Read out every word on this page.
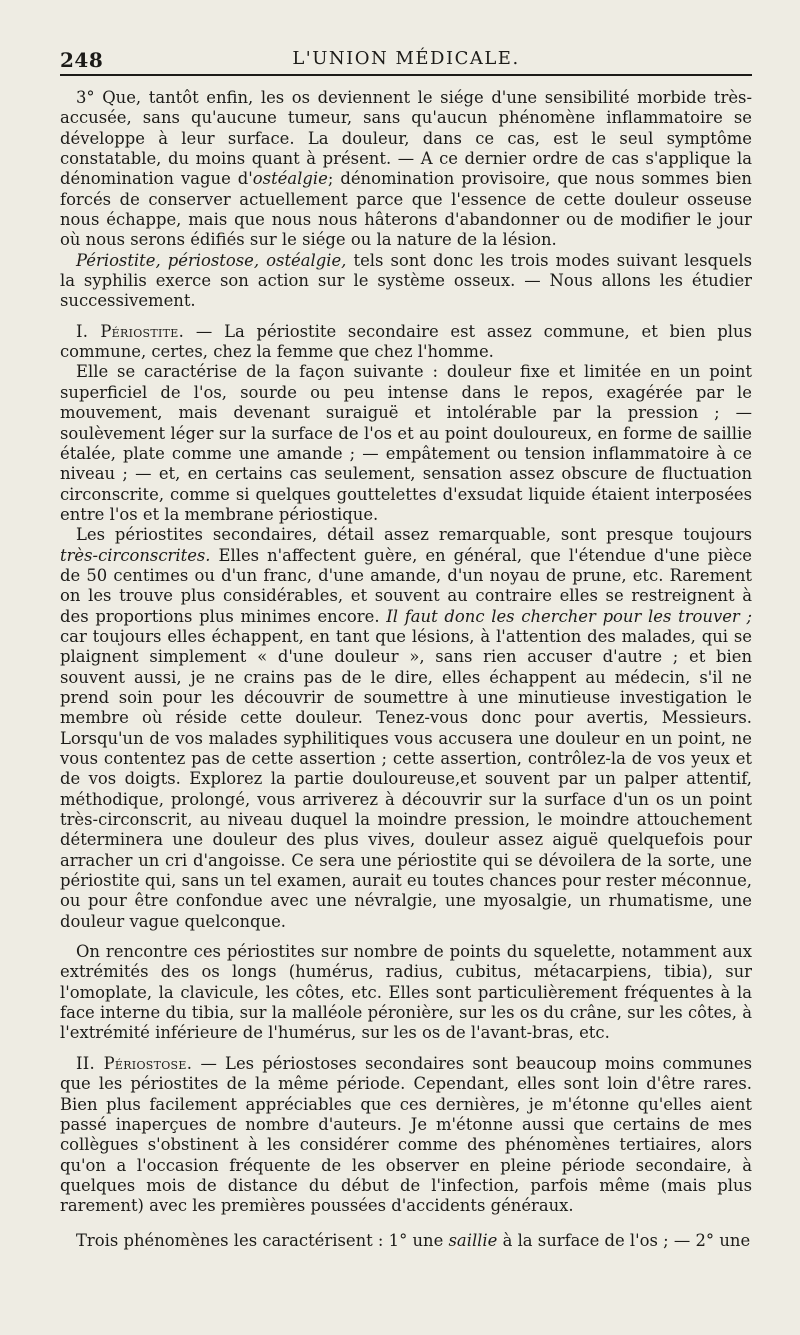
248	L'UNION MÉDICALE.

3° Que, tantôt enfin, les os deviennent le siége d'une sensibilité morbide très-accusée, sans qu'aucune tumeur, sans qu'aucun phénomène inflammatoire se développe à leur surface. La douleur, dans ce cas, est le seul symptôme constatable, du moins quant à présent. — A ce dernier ordre de cas s'applique la dénomination vague d'ostéalgie; dénomination provisoire, que nous sommes bien forcés de conserver actuellement parce que l'essence de cette douleur osseuse nous échappe, mais que nous nous hâterons d'abandonner ou de modifier le jour où nous serons édifiés sur le siége ou la nature de la lésion.

Périostite, périostose, ostéalgie, tels sont donc les trois modes suivant lesquels la syphilis exerce son action sur le système osseux. — Nous allons les étudier successivement.

I. Périostite. — La périostite secondaire est assez commune, et bien plus commune, certes, chez la femme que chez l'homme.

Elle se caractérise de la façon suivante : douleur fixe et limitée en un point superficiel de l'os, sourde ou peu intense dans le repos, exagérée par le mouvement, mais devenant suraiguë et intolérable par la pression ; — soulèvement léger sur la surface de l'os et au point douloureux, en forme de saillie étalée, plate comme une amande ; — empâtement ou tension inflammatoire à ce niveau ; — et, en certains cas seulement, sensation assez obscure de fluctuation circonscrite, comme si quelques gouttelettes d'exsudat liquide étaient interposées entre l'os et la membrane périostique.

Les périostites secondaires, détail assez remarquable, sont presque toujours très-circonscrites. Elles n'affectent guère, en général, que l'étendue d'une pièce de 50 centimes ou d'un franc, d'une amande, d'un noyau de prune, etc. Rarement on les trouve plus considérables, et souvent au contraire elles se restreignent à des proportions plus minimes encore. Il faut donc les chercher pour les trouver ; car toujours elles échappent, en tant que lésions, à l'attention des malades, qui se plaignent simplement « d'une douleur », sans rien accuser d'autre ; et bien souvent aussi, je ne crains pas de le dire, elles échappent au médecin, s'il ne prend soin pour les découvrir de soumettre à une minutieuse investigation le membre où réside cette douleur. Tenez-vous donc pour avertis, Messieurs. Lorsqu'un de vos malades syphilitiques vous accusera une douleur en un point, ne vous contentez pas de cette assertion ; cette assertion, contrôlez-la de vos yeux et de vos doigts. Explorez la partie douloureuse,et souvent par un palper attentif, méthodique, prolongé, vous arriverez à découvrir sur la surface d'un os un point très-circonscrit, au niveau duquel la moindre pression, le moindre attouchement déterminera une douleur des plus vives, douleur assez aiguë quelquefois pour arracher un cri d'angoisse. Ce sera une périostite qui se dévoilera de la sorte, une périostite qui, sans un tel examen, aurait eu toutes chances pour rester méconnue, ou pour être confondue avec une névralgie, une myosalgie, un rhumatisme, une douleur vague quelconque.

On rencontre ces périostites sur nombre de points du squelette, notamment aux extrémités des os longs (humérus, radius, cubitus, métacarpiens, tibia), sur l'omoplate, la clavicule, les côtes, etc. Elles sont particulièrement fréquentes à la face interne du tibia, sur la malléole péronière, sur les os du crâne, sur les côtes, à l'extrémité inférieure de l'humérus, sur les os de l'avant-bras, etc.

II. Périostose. — Les périostoses secondaires sont beaucoup moins communes que les périostites de la même période. Cependant, elles sont loin d'être rares. Bien plus facilement appréciables que ces dernières, je m'étonne qu'elles aient passé inaperçues de nombre d'auteurs. Je m'étonne aussi que certains de mes collègues s'obstinent à les considérer comme des phénomènes tertiaires, alors qu'on a l'occasion fréquente de les observer en pleine période secondaire, à quelques mois de distance du début de l'infection, parfois même (mais plus rarement) avec les premières poussées d'accidents généraux.

Trois phénomènes les caractérisent : 1° une saillie à la surface de l'os ; — 2° une
